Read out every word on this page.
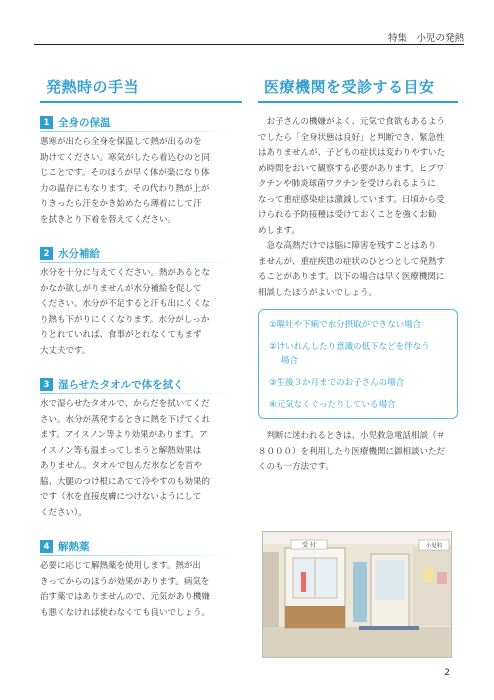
特集　小児の発熱
発熱時の手当
1 全身の保温
悪寒が出たら全身を保温して熱が出るのを
助けてください。寒気がしたら着込むのと同
じことです。そのほうが早く体が楽になり体
力の温存にもなります。その代わり熱が上が
りきったら汗をかき始めたら薄着にして汗
を拭きとり下着を替えてください。
2 水分補給
水分を十分に与えてください。熱があるとな
かなか欲しがりませんが水分補給を促して
ください。水分が不足すると汗も出にくくな
り熱も下がりにくくなります。水分がしっか
りとれていれば、食事がとれなくてもまず
大丈夫です。
3 湿らせたタオルで体を拭く
水で湿らせたタオルで、からだを拭いてくだ
さい。水分が蒸発するときに熱を下げてくれ
ます。アイスノン等より効果があります。ア
イスノン等も温まってしまうと解熱効果は
ありません。タオルで包んだ氷などを首や
脇、大腿のつけ根にあてて冷やすのも効果的
です（氷を直接皮膚につけないようにして
ください）。
4 解熱薬
必要に応じて解熱薬を使用します。熱が出
きってからのほうが効果があります。病気を
治す薬ではありませんので、元気があり機嫌
も悪くなければ使わなくても良いでしょう。
医療機関を受診する目安
お子さんの機嫌がよく、元気で食欲もあるよう
でしたら「全身状態は良好」と判断でき、緊急性
はありませんが、子どもの症状は変わりやすいた
め時間をおいて観察する必要があります。ヒブワ
クチンや肺炎球菌ワクチンを受けられるように
なって重症感染症は激減しています。日頃から受
けられる予防接種は受けておくことを強くお勧
めします。
急な高熱だけでは脳に障害を残すことはあり
ませんが、重症疾患の症状のひとつとして発熱す
ることがあります。以下の場合は早く医療機関に
相談したほうがよいでしょう。
①嘔吐や下痢で水分摂取ができない場合
②けいれんしたり意識の低下などを伴なう
場合
③生後３か月までのお子さんの場合
④元気なくぐったりしている場合
判断に迷われるときは、小児救急電話相談（＃
８０００）を利用したり医療機関に御相談いただ
くのも一方法です。
受 付	小児科
2
